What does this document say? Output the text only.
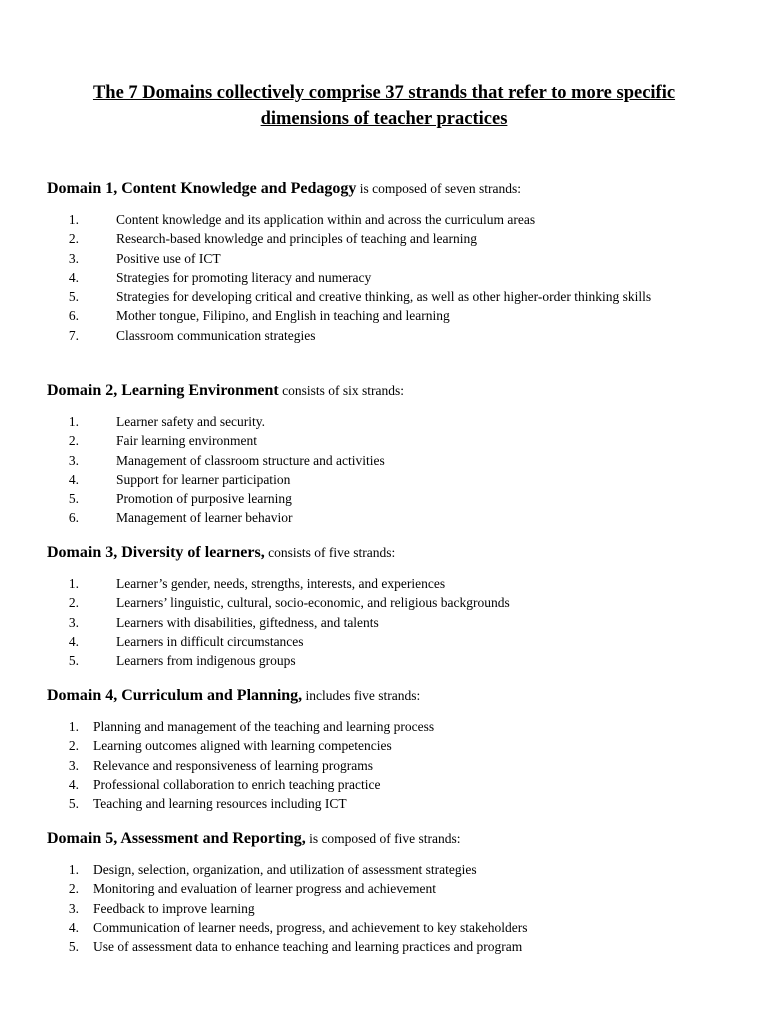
The 7 Domains collectively comprise 37 strands that refer to more specific
dimensions of teacher practices

Domain 1, Content Knowledge and Pedagogy is composed of seven strands:

1.	Content knowledge and its application within and across the curriculum areas
2.	Research-based knowledge and principles of teaching and learning
3.	Positive use of ICT
4.	Strategies for promoting literacy and numeracy
5.	Strategies for developing critical and creative thinking, as well as other higher-order thinking skills
6.	Mother tongue, Filipino, and English in teaching and learning
7.	Classroom communication strategies

Domain 2, Learning Environment consists of six strands:

1.	Learner safety and security.
2.	Fair learning environment
3.	Management of classroom structure and activities
4.	Support for learner participation
5.	Promotion of purposive learning
6.	Management of learner behavior

Domain 3, Diversity of learners, consists of five strands:

1.	Learner’s gender, needs, strengths, interests, and experiences
2.	Learners’ linguistic, cultural, socio-economic, and religious backgrounds
3.	Learners with disabilities, giftedness, and talents
4.	Learners in difficult circumstances
5.	Learners from indigenous groups

Domain 4, Curriculum and Planning, includes five strands:

1. Planning and management of the teaching and learning process
2. Learning outcomes aligned with learning competencies
3. Relevance and responsiveness of learning programs
4. Professional collaboration to enrich teaching practice
5. Teaching and learning resources including ICT

Domain 5, Assessment and Reporting, is composed of five strands:

1. Design, selection, organization, and utilization of assessment strategies
2. Monitoring and evaluation of learner progress and achievement
3. Feedback to improve learning
4. Communication of learner needs, progress, and achievement to key stakeholders
5. Use of assessment data to enhance teaching and learning practices and program
